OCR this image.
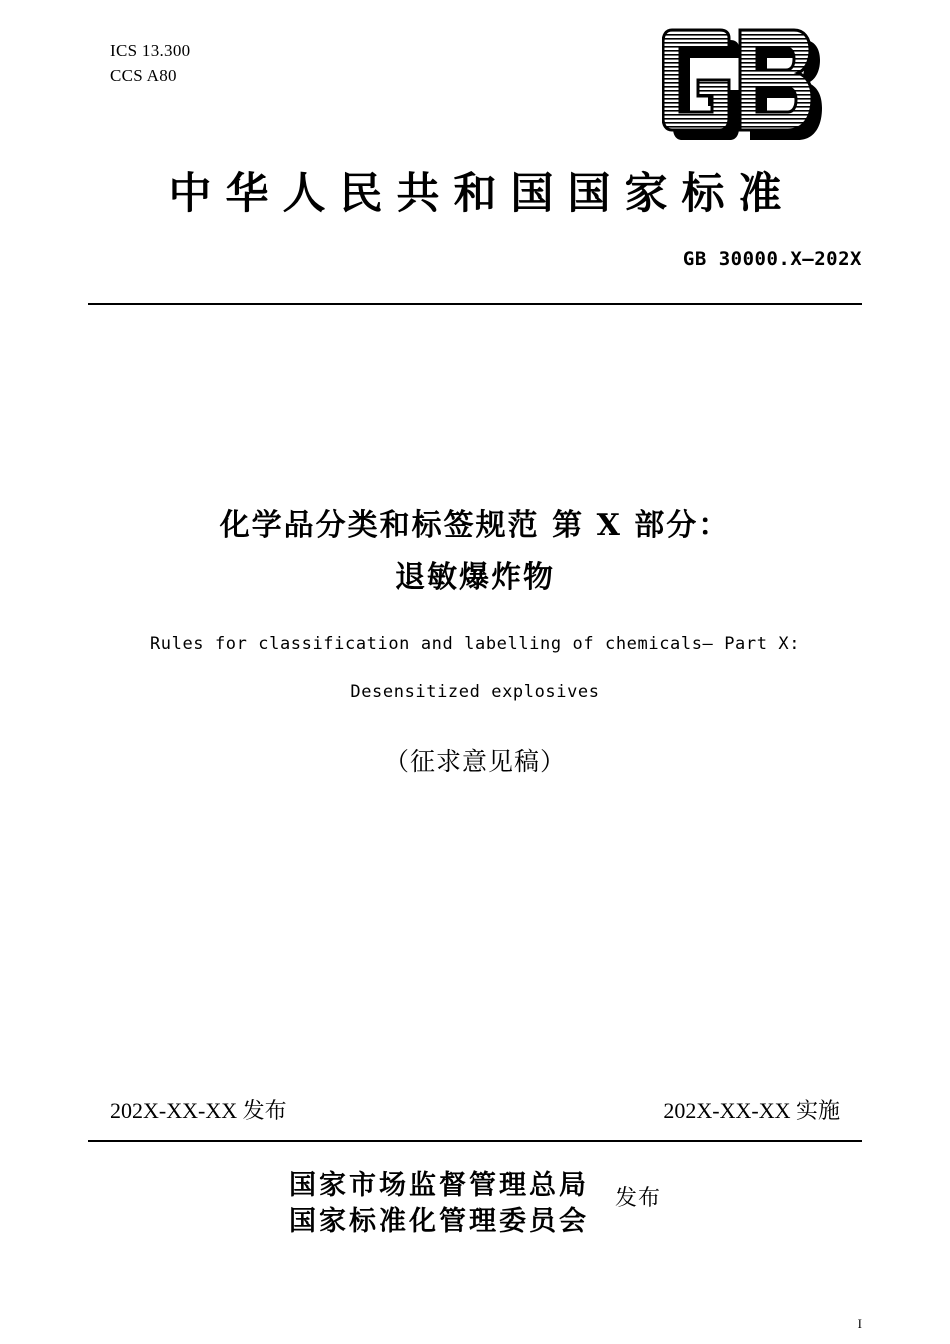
ICS 13.300
CCS A80
中华人民共和国国家标准
GB 30000.X—202X
化学品分类和标签规范 第 X 部分：
退敏爆炸物
Rules for classification and labelling of chemicals— Part X:
Desensitized explosives
（征求意见稿）
202X-XX-XX 发布	202X-XX-XX 实施
国家市场监督管理总局
国家标准化管理委员会
发布
I
